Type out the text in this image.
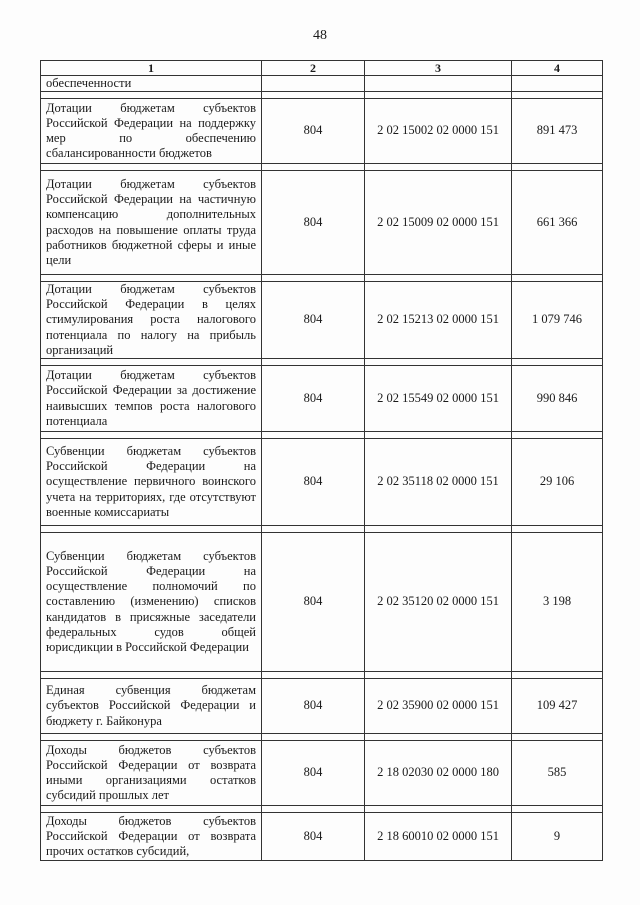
48
1	2	3	4
обеспеченности			

Дотации бюджетам субъектов Российской Федерации на поддержку мер по обеспечению сбалансированности бюджетов	804	2 02 15002 02 0000 151	891 473

Дотации бюджетам субъектов Российской Федерации на частичную компенсацию дополнительных расходов на повышение оплаты труда работников бюджетной сферы и иные цели	804	2 02 15009 02 0000 151	661 366

Дотации бюджетам субъектов Российской Федерации в целях стимулирования роста налогового потенциала по налогу на прибыль организаций	804	2 02 15213 02 0000 151	1 079 746

Дотации бюджетам субъектов Российской Федерации за достижение наивысших темпов роста налогового потенциала	804	2 02 15549 02 0000 151	990 846

Субвенции бюджетам субъектов Российской Федерации на осуществление первичного воинского учета на территориях, где отсутствуют военные комиссариаты	804	2 02 35118 02 0000 151	29 106

Субвенции бюджетам субъектов Российской Федерации на осуществление полномочий по составлению (изменению) списков кандидатов в присяжные заседатели федеральных судов общей юрисдикции в Российской Федерации	804	2 02 35120 02 0000 151	3 198

Единая субвенция бюджетам субъектов Российской Федерации и бюджету г. Байконура	804	2 02 35900 02 0000 151	109 427

Доходы бюджетов субъектов Российской Федерации от возврата иными организациями остатков субсидий прошлых лет	804	2 18 02030 02 0000 180	585

Доходы бюджетов субъектов Российской Федерации от возврата прочих остатков субсидий,	804	2 18 60010 02 0000 151	9
